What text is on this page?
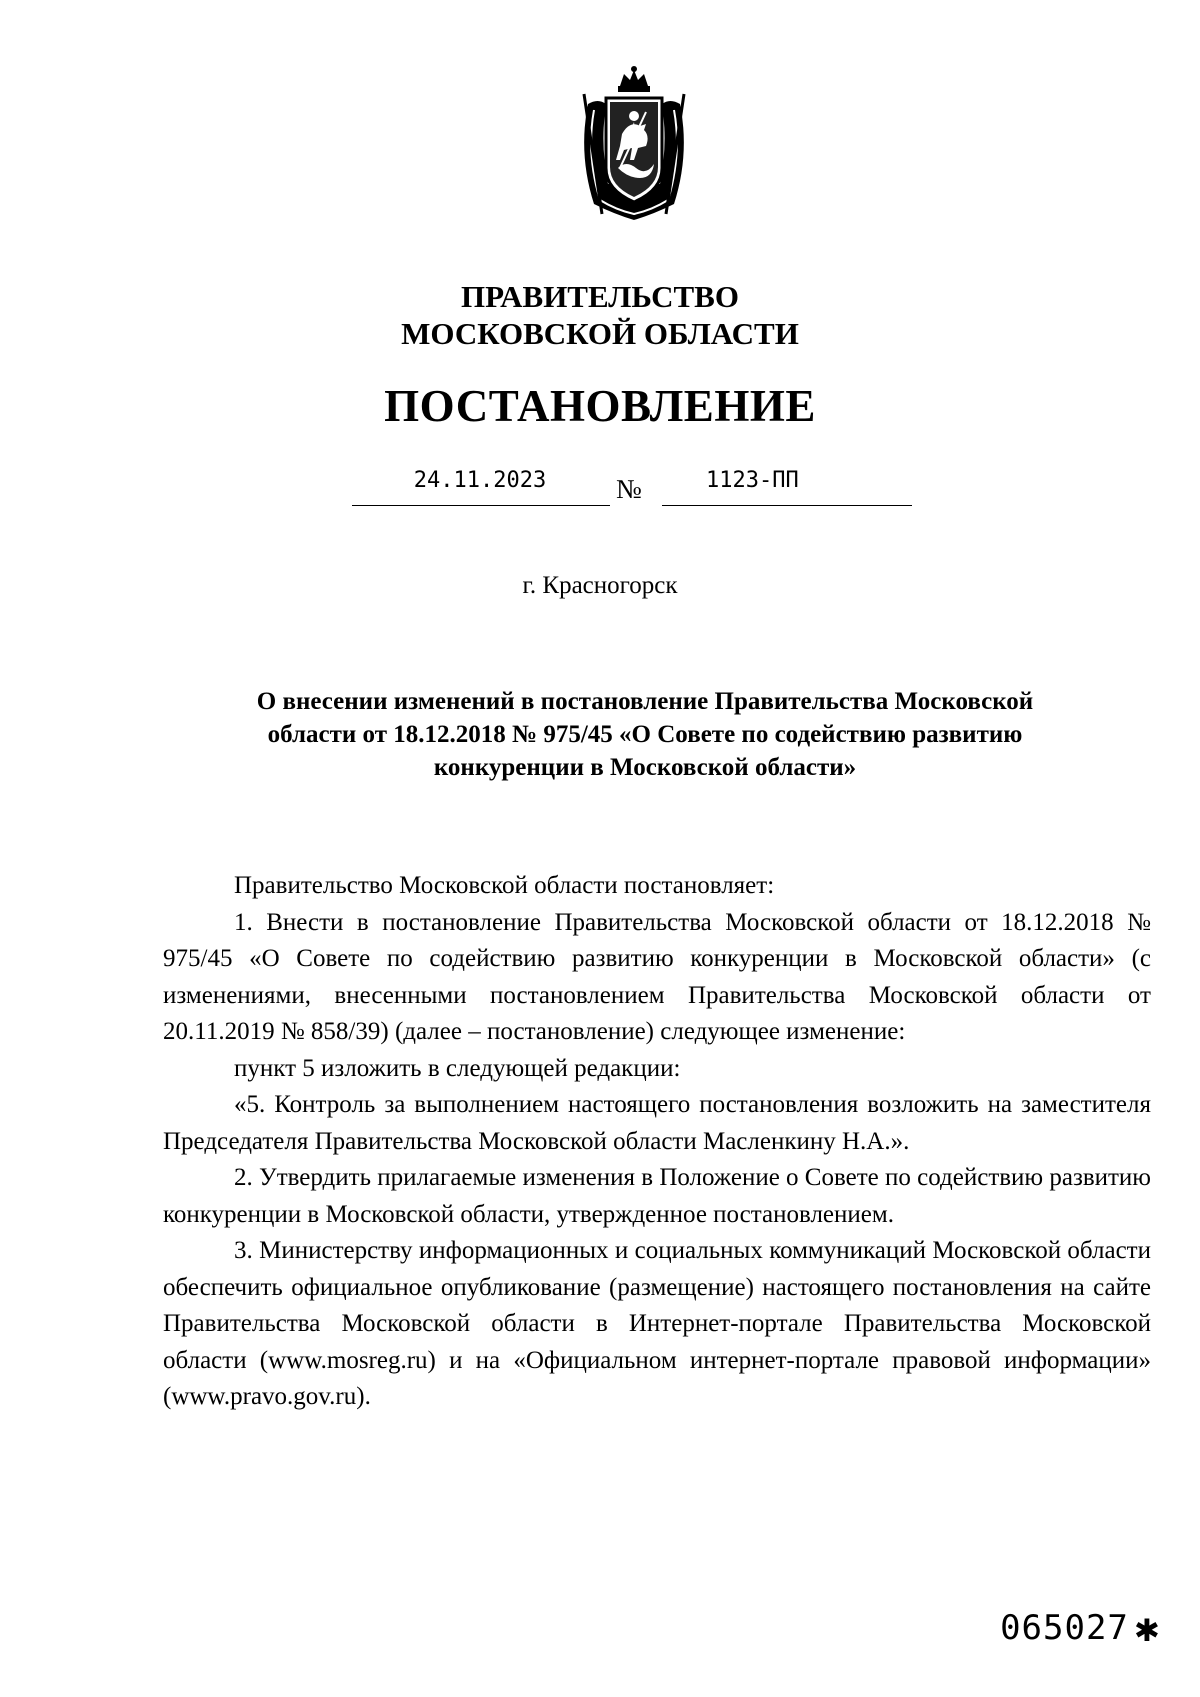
ПРАВИТЕЛЬСТВО
МОСКОВСКОЙ ОБЛАСТИ
ПОСТАНОВЛЕНИЕ
24.11.2023	№	1123-ПП
г. Красногорск
О внесении изменений в постановление Правительства Московской
области от 18.12.2018 № 975/45 «О Совете по содействию развитию
конкуренции в Московской области»

Правительство Московской области постановляет:

1. Внести в постановление Правительства Московской области от 18.12.2018 № 975/45 «О Совете по содействию развитию конкуренции в Московской области» (с изменениями, внесенными постановлением Правительства Московской области от 20.11.2019 № 858/39) (далее – постановление) следующее изменение:

пункт 5 изложить в следующей редакции:

«5. Контроль за выполнением настоящего постановления возложить на заместителя Председателя Правительства Московской области Масленкину Н.А.».

2. Утвердить прилагаемые изменения в Положение о Совете по содействию развитию конкуренции в Московской области, утвержденное постановлением.

3. Министерству информационных и социальных коммуникаций Московской области обеспечить официальное опубликование (размещение) настоящего постановления на сайте Правительства Московской области в Интернет-портале Правительства Московской области (www.mosreg.ru) и на «Официальном интернет-портале правовой информации» (www.pravo.gov.ru).

065027 ✱
